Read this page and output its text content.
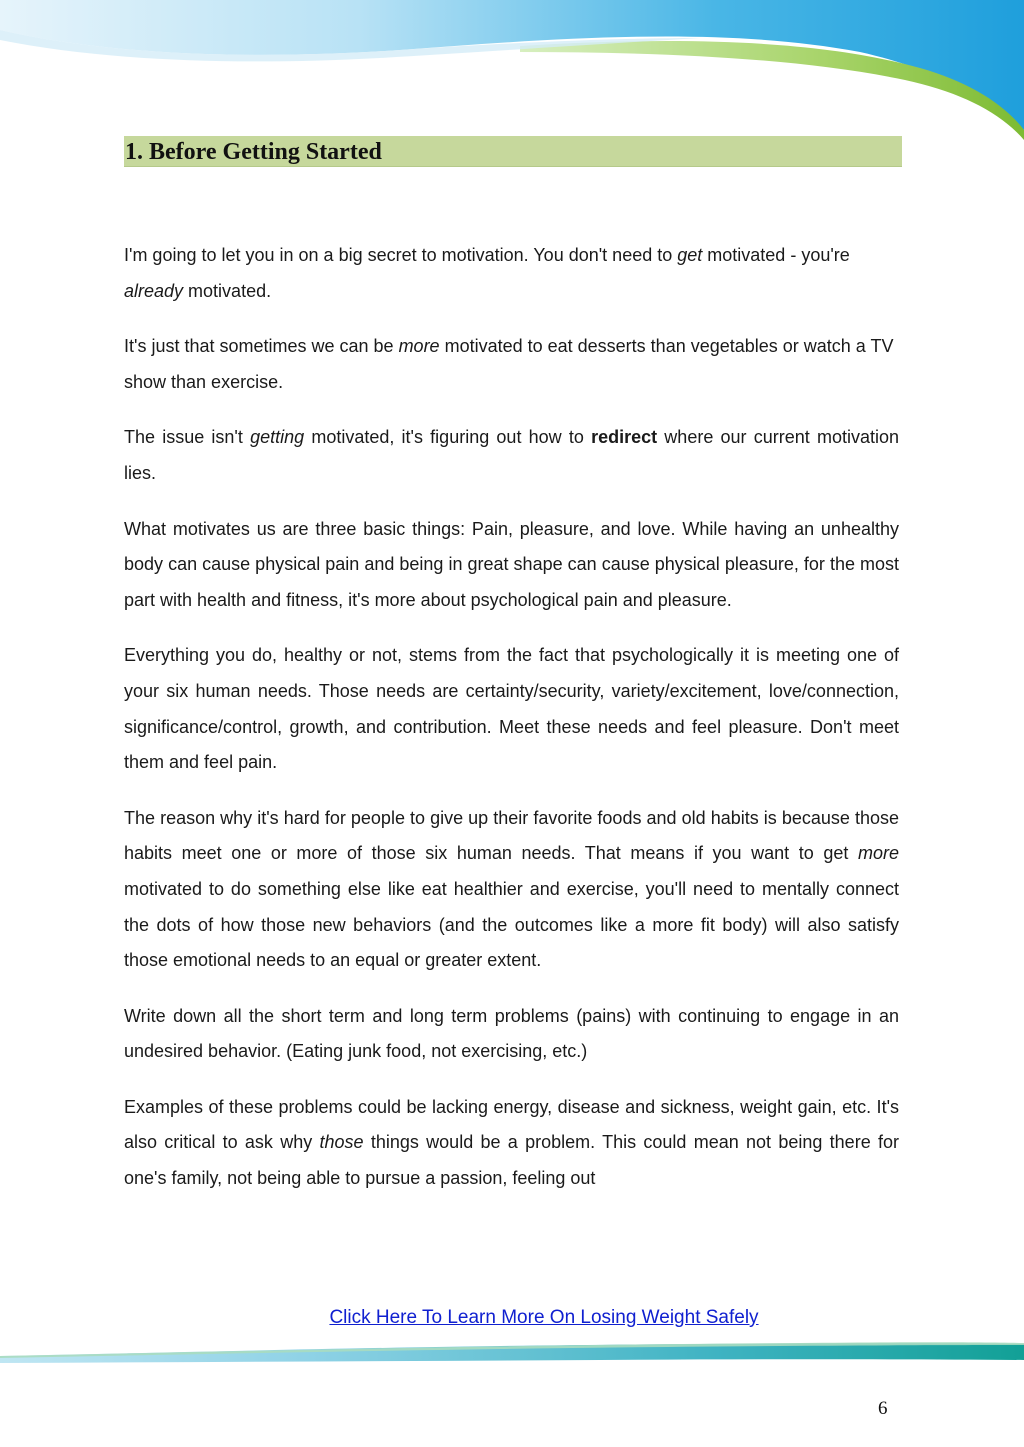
1. Before Getting Started

I'm going to let you in on a big secret to motivation. You don't need to get motivated - you're already motivated.

It's just that sometimes we can be more motivated to eat desserts than vegetables or watch a TV show than exercise.

The issue isn't getting motivated, it's figuring out how to redirect where our current motivation lies.

What motivates us are three basic things: Pain, pleasure, and love. While having an unhealthy body can cause physical pain and being in great shape can cause physical pleasure, for the most part with health and fitness, it's more about psychological pain and pleasure.

Everything you do, healthy or not, stems from the fact that psychologically it is meeting one of your six human needs. Those needs are certainty/security, variety/excitement, love/connection, significance/control, growth, and contribution. Meet these needs and feel pleasure. Don't meet them and feel pain.

The reason why it's hard for people to give up their favorite foods and old habits is because those habits meet one or more of those six human needs. That means if you want to get more motivated to do something else like eat healthier and exercise, you'll need to mentally connect the dots of how those new behaviors (and the outcomes like a more fit body) will also satisfy those emotional needs to an equal or greater extent.

Write down all the short term and long term problems (pains) with continuing to engage in an undesired behavior. (Eating junk food, not exercising, etc.)

Examples of these problems could be lacking energy, disease and sickness, weight gain, etc. It's also critical to ask why those things would be a problem. This could mean not being there for one's family, not being able to pursue a passion, feeling out

Click Here To Learn More On Losing Weight Safely
6
